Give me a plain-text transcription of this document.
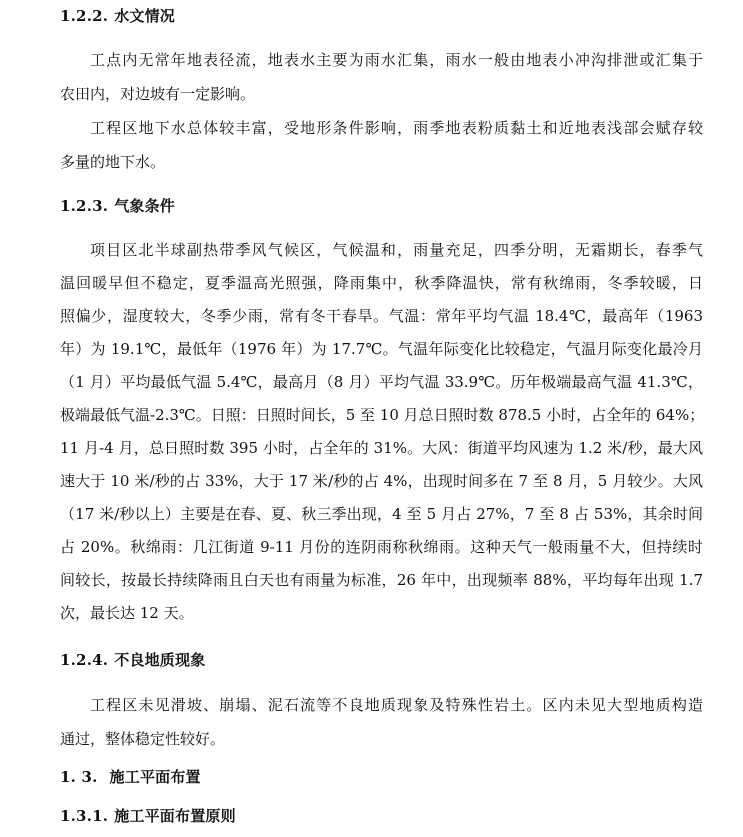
1.2.2. 水文情况
工点内无常年地表径流，地表水主要为雨水汇集，雨水一般由地表小冲沟排泄或汇集于
农田内，对边坡有一定影响。
工程区地下水总体较丰富，受地形条件影响，雨季地表粉质黏土和近地表浅部会赋存较
多量的地下水。
1.2.3. 气象条件
项目区北半球副热带季风气候区，气候温和，雨量充足，四季分明，无霜期长，春季气
温回暖早但不稳定，夏季温高光照强，降雨集中，秋季降温快，常有秋绵雨，冬季较暖，日
照偏少，湿度较大，冬季少雨，常有冬干春旱。气温：常年平均气温 18.4℃，最高年（1963
年）为 19.1℃，最低年（1976 年）为 17.7℃。气温年际变化比较稳定，气温月际变化最冷月
（1 月）平均最低气温 5.4℃，最高月（8 月）平均气温 33.9℃。历年极端最高气温 41.3℃，
极端最低气温-2.3℃。日照：日照时间长，5 至 10 月总日照时数 878.5 小时，占全年的 64%；
11 月-4 月，总日照时数 395 小时，占全年的 31%。大风：街道平均风速为 1.2 米/秒，最大风
速大于 10 米/秒的占 33%，大于 17 米/秒的占 4%，出现时间多在 7 至 8 月，5 月较少。大风
（17 米/秒以上）主要是在春、夏、秋三季出现，4 至 5 月占 27%，7 至 8 占 53%，其余时间
占 20%。秋绵雨：几江街道 9-11 月份的连阴雨称秋绵雨。这种天气一般雨量不大，但持续时
间较长，按最长持续降雨且白天也有雨量为标准，26 年中，出现频率 88%，平均每年出现 1.7
次，最长达 12 天。
1.2.4. 不良地质现象
工程区未见滑坡、崩塌、泥石流等不良地质现象及特殊性岩土。区内未见大型地质构造
通过，整体稳定性较好。
1. 3. 施工平面布置
1.3.1. 施工平面布置原则
